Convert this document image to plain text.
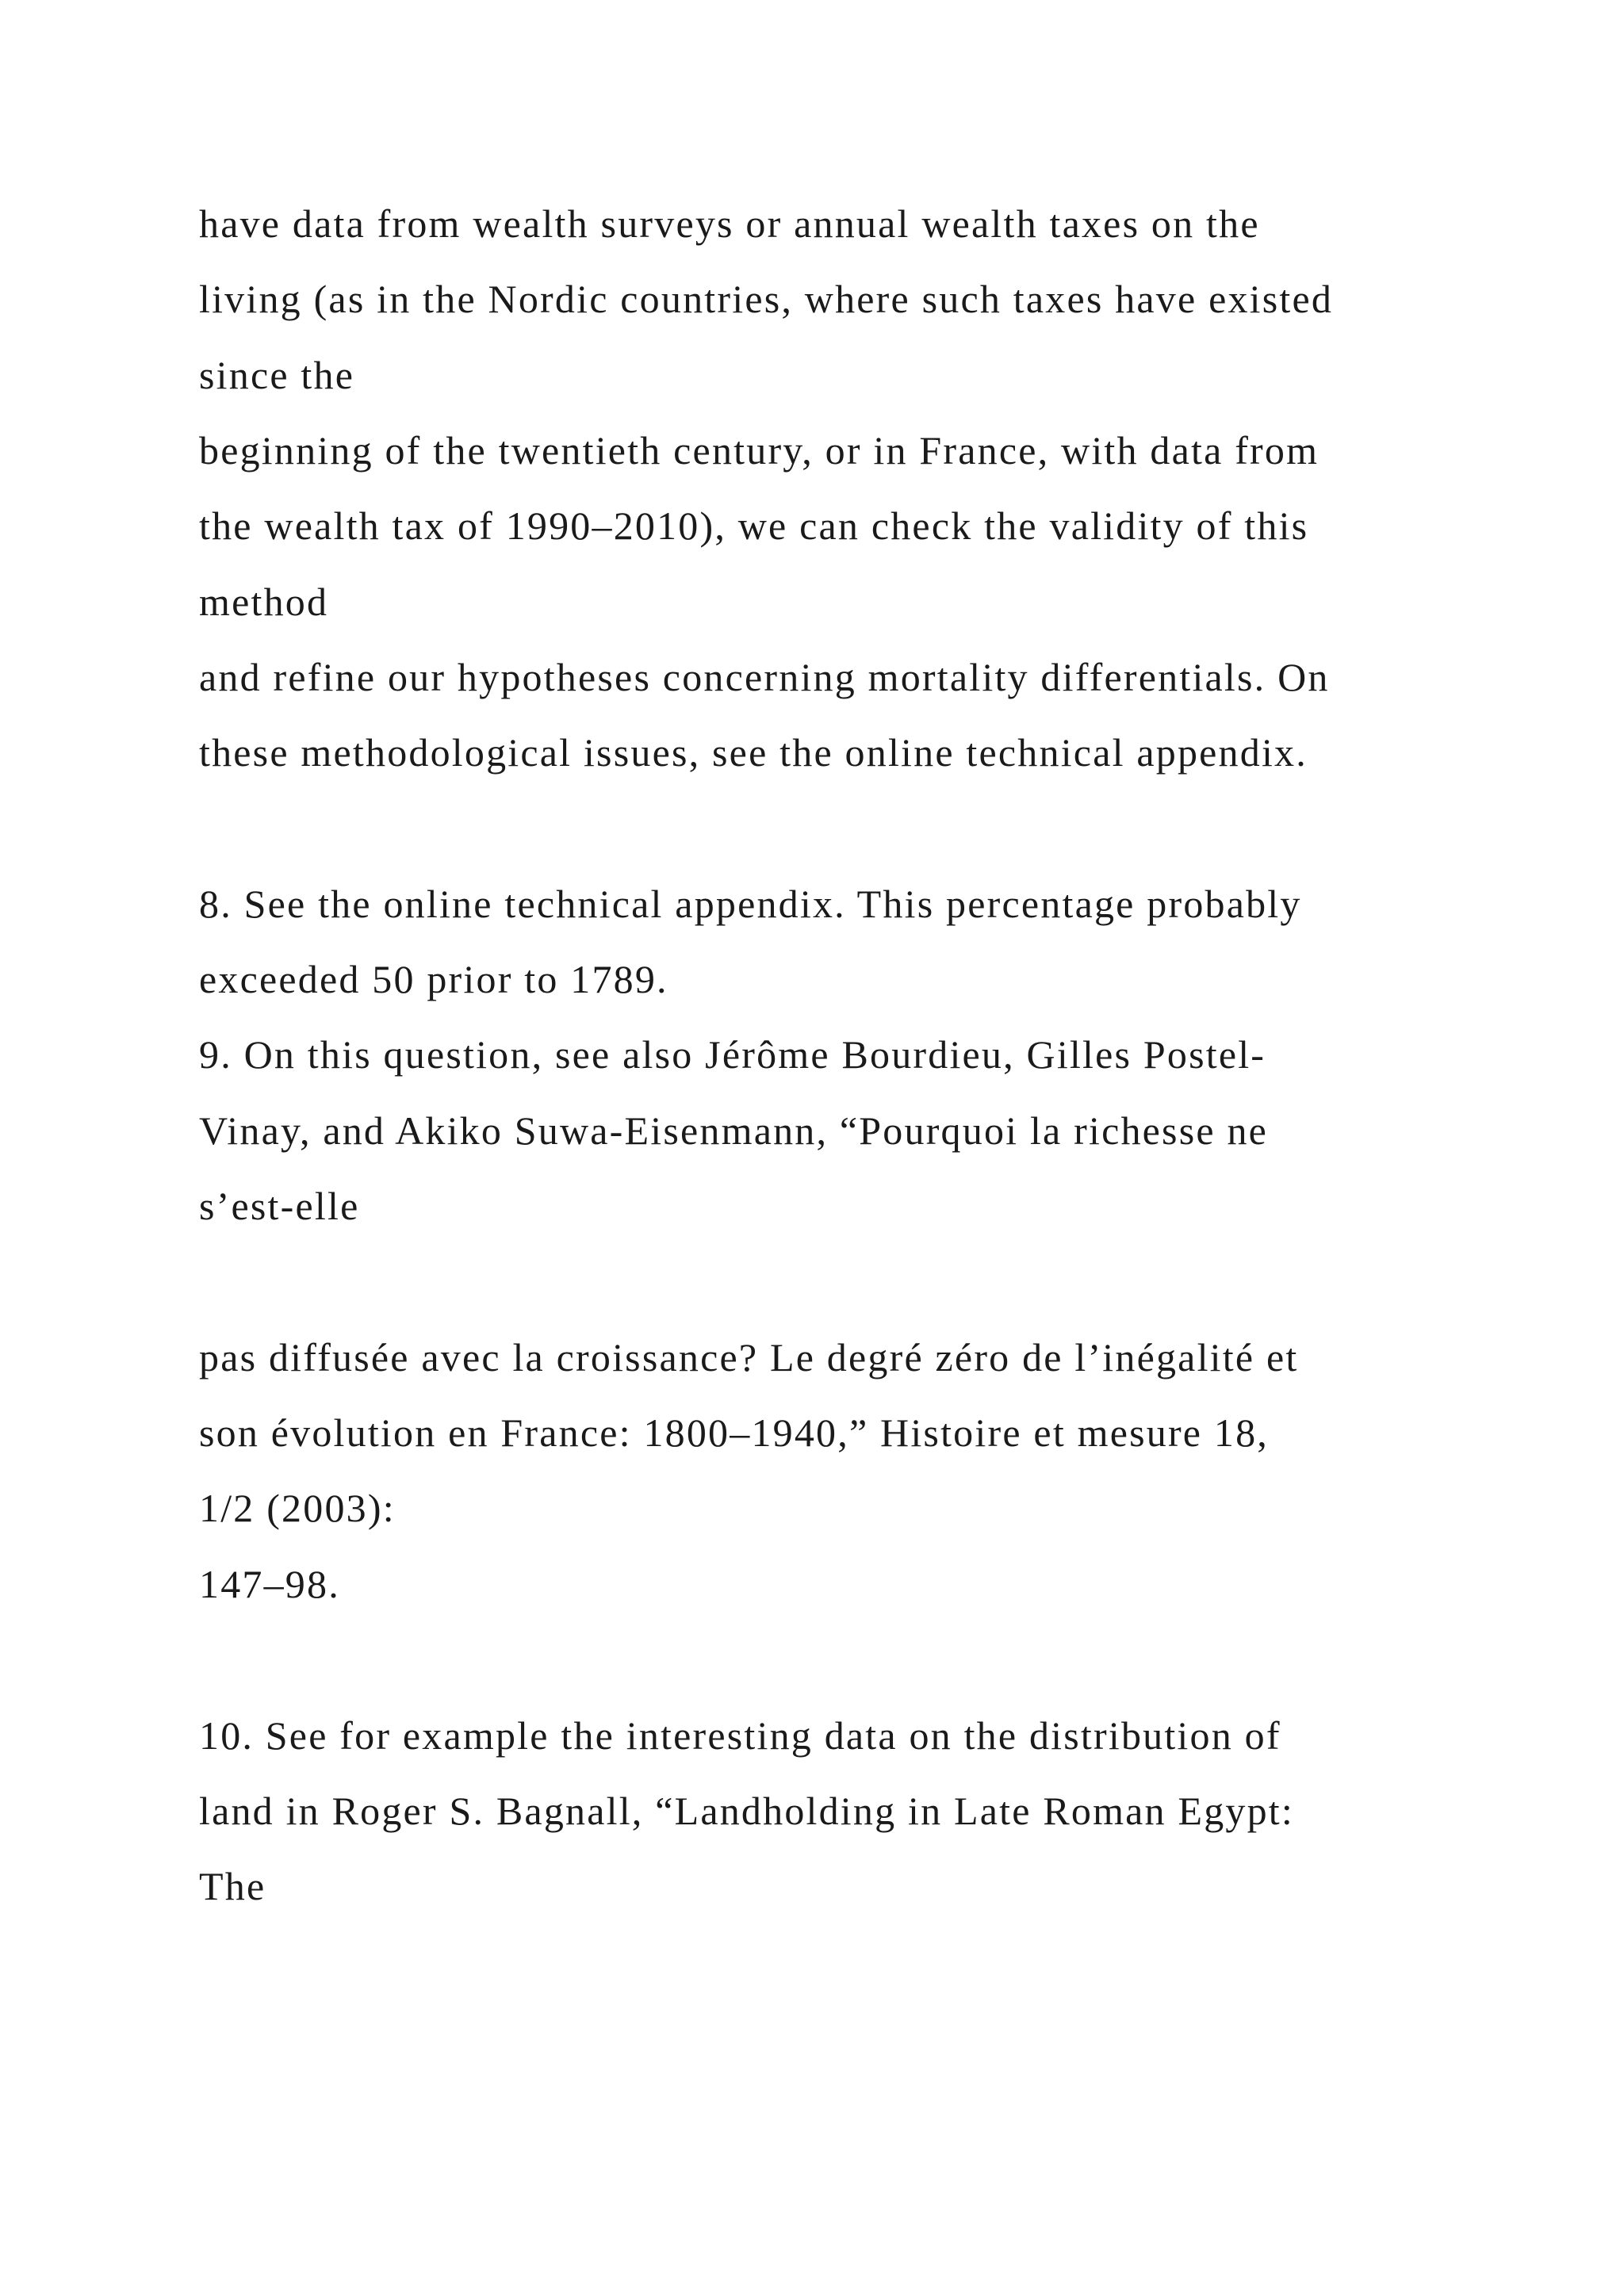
have data from wealth surveys or annual wealth taxes on the
living (as in the Nordic countries, where such taxes have existed
since the
beginning of the twentieth century, or in France, with data from
the wealth tax of 1990–2010), we can check the validity of this
method
and refine our hypotheses concerning mortality differentials. On
these methodological issues, see the online technical appendix.
8. See the online technical appendix. This percentage probably
exceeded 50 prior to 1789.
9. On this question, see also Jérôme Bourdieu, Gilles Postel-
Vinay, and Akiko Suwa-Eisenmann, “Pourquoi la richesse ne
s’est-elle
pas diffusée avec la croissance? Le degré zéro de l’inégalité et
son évolution en France: 1800–1940,” Histoire et mesure 18,
1/2 (2003):
147–98.
10. See for example the interesting data on the distribution of
land in Roger S. Bagnall, “Landholding in Late Roman Egypt:
The
